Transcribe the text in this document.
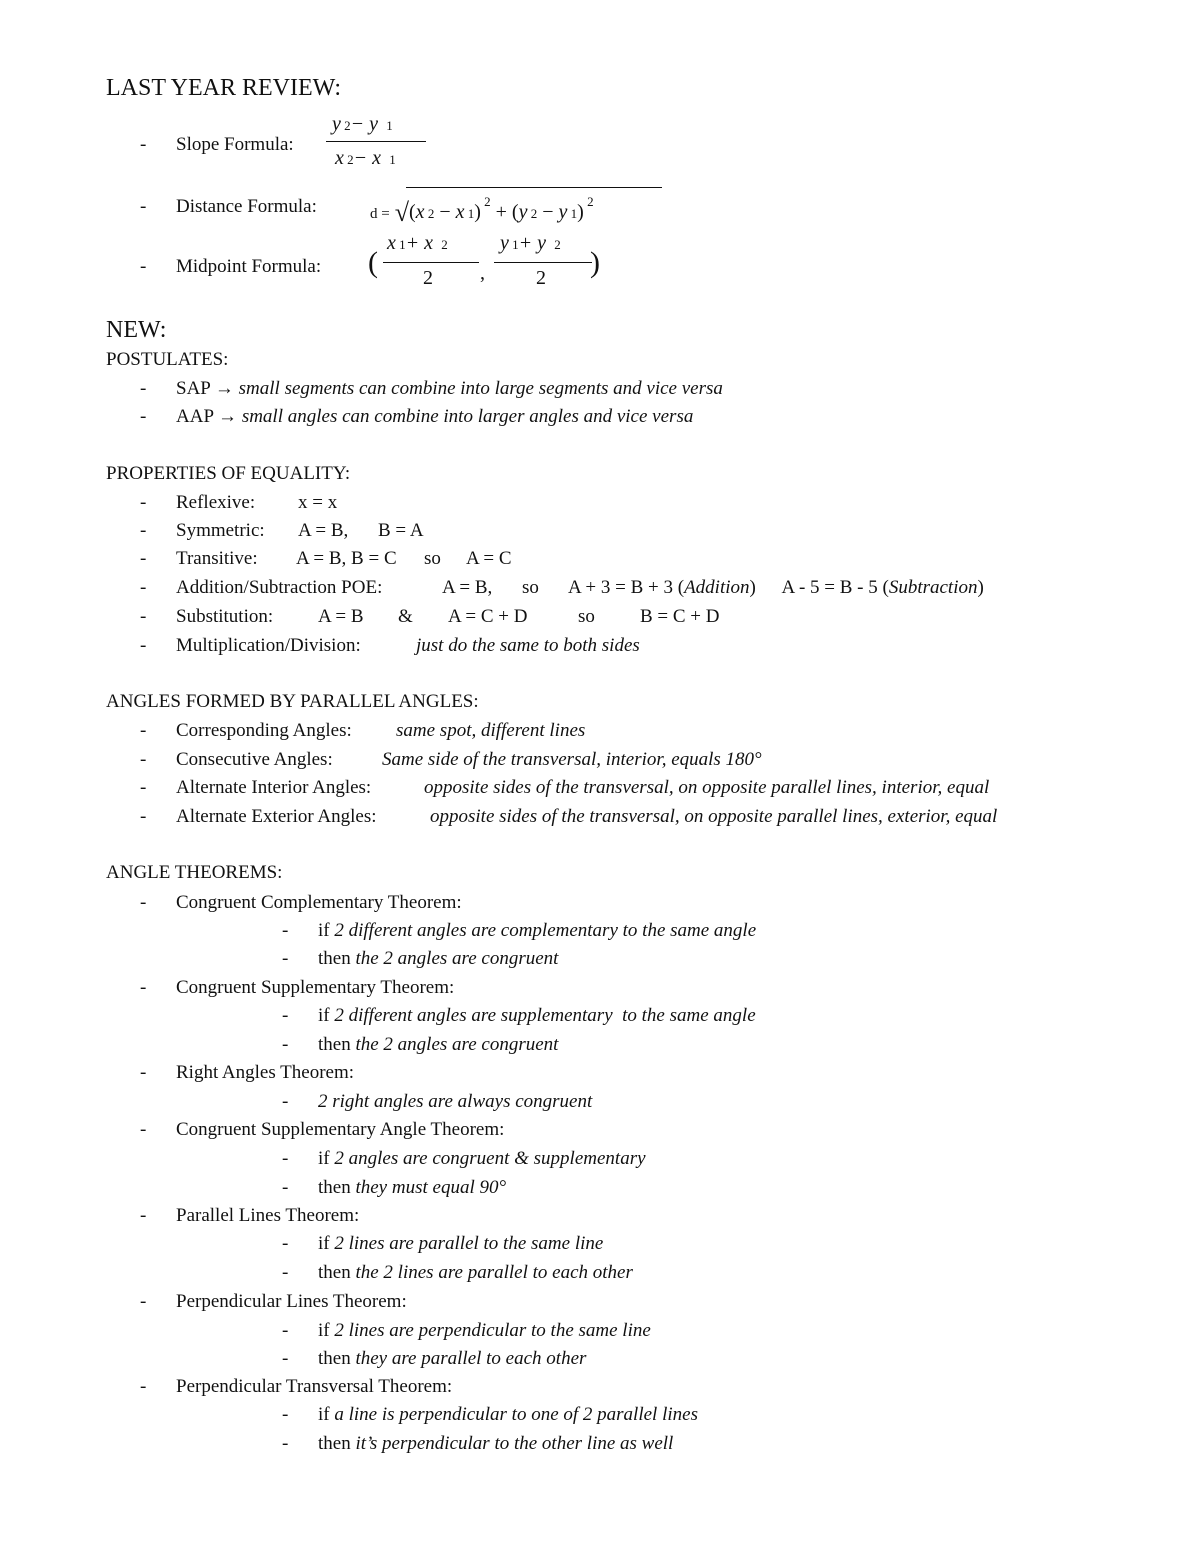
LAST YEAR REVIEW:
- Slope Formula:
y 2− y  1
x 2− x  1
- Distance Formula:	d = √(x 2 − x 1) $^2$ + (y 2 − y 1) $^2$
- Midpoint Formula: (
x 1+ x  2
2 ,
y 1+ y  2
2 )
NEW:
POSTULATES:
- SAP → small segments can combine into large segments and vice versa
- AAP → small angles can combine into larger angles and vice versa
PROPERTIES OF EQUALITY:
- Reflexive: x = x
- Symmetric: A = B, B = A
- Transitive: A = B, B = C so A = C
- Addition/Subtraction POE:	A = B, so A + 3 = B + 3 (Addition) A - 5 = B - 5 (Subtraction)
- Substitution: A = B & A = C + D	so B = C + D
- Multiplication/Division:	just do the same to both sides
ANGLES FORMED BY PARALLEL ANGLES:
- Corresponding Angles: same spot, different lines
- Consecutive Angles:	Same side of the transversal, interior, equals 180°
- Alternate Interior Angles:	opposite sides of the transversal, on opposite parallel lines, interior, equal
- Alternate Exterior Angles:	opposite sides of the transversal, on opposite parallel lines, exterior, equal
ANGLE THEOREMS:
- Congruent Complementary Theorem:
- if 2 different angles are complementary to the same angle
- then the 2 angles are congruent
- Congruent Supplementary Theorem:
- if 2 different angles are supplementary  to the same angle
- then the 2 angles are congruent
- Right Angles Theorem:
- 2 right angles are always congruent
- Congruent Supplementary Angle Theorem:
- if 2 angles are congruent & supplementary
- then they must equal 90°
- Parallel Lines Theorem:
- if 2 lines are parallel to the same line
- then the 2 lines are parallel to each other
- Perpendicular Lines Theorem:
- if 2 lines are perpendicular to the same line
- then they are parallel to each other
- Perpendicular Transversal Theorem:
- if a line is perpendicular to one of 2 parallel lines
- then it’s perpendicular to the other line as well
